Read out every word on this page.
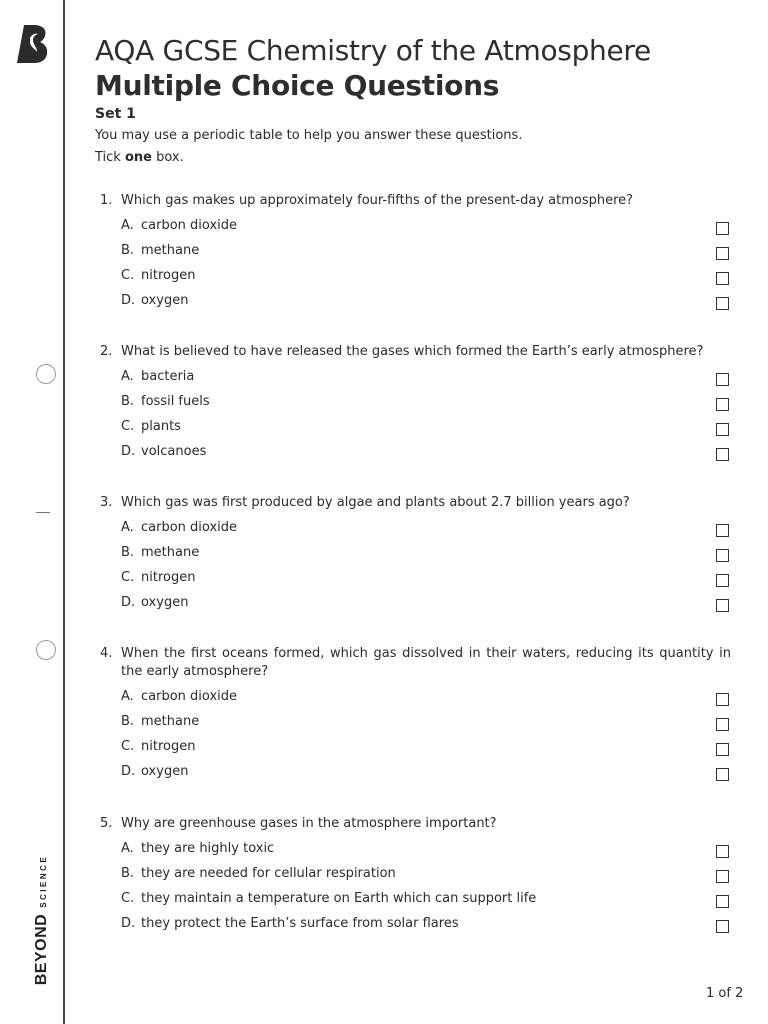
BEYOND
SCIENCE
AQA GCSE Chemistry of the Atmosphere
Multiple Choice Questions
Set 1
You may use a periodic table to help you answer these questions.
Tick one box.
1. Which gas makes up approximately four-fifths of the present-day atmosphere?
A. carbon dioxide
B. methane
C. nitrogen
D. oxygen
2. What is believed to have released the gases which formed the Earth’s early atmosphere?
A. bacteria
B. fossil fuels
C. plants
D. volcanoes
3. Which gas was first produced by algae and plants about 2.7 billion years ago?
A. carbon dioxide
B. methane
C. nitrogen
D. oxygen
4. When the first oceans formed, which gas dissolved in their waters, reducing its quantity in the early atmosphere?
A. carbon dioxide
B. methane
C. nitrogen
D. oxygen
5. Why are greenhouse gases in the atmosphere important?
A. they are highly toxic
B. they are needed for cellular respiration
C. they maintain a temperature on Earth which can support life
D. they protect the Earth’s surface from solar flares
1 of 2
